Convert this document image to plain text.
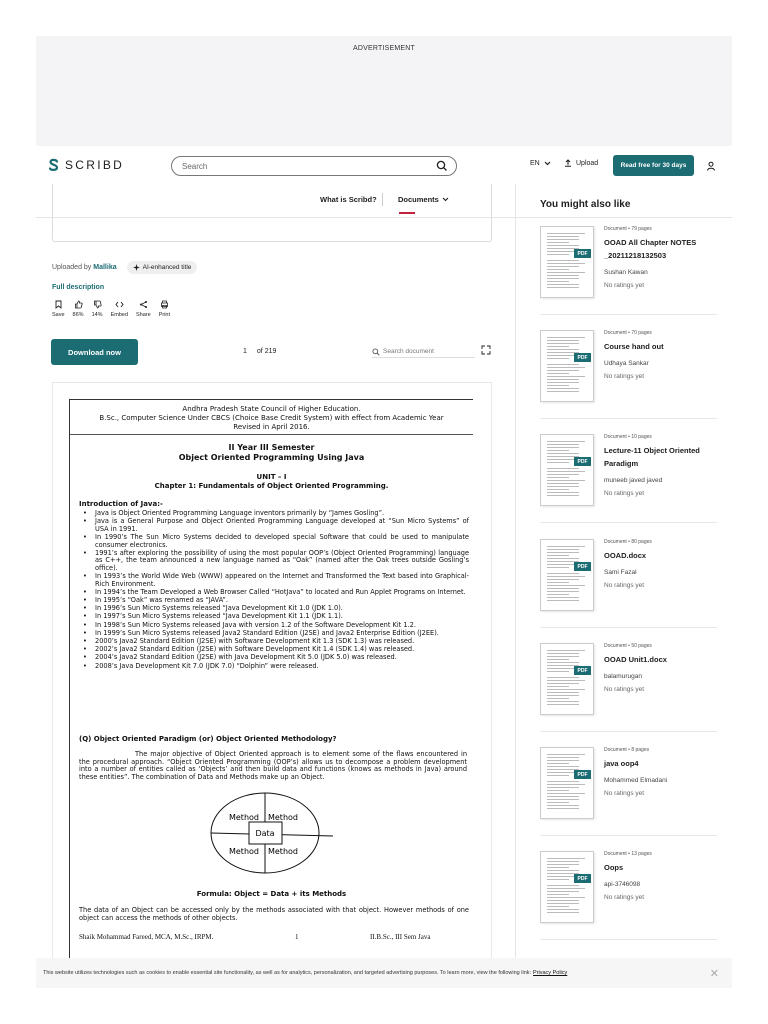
ADVERTISEMENT
SCRIBD	Search	EN	Upload	Read free for 30 days
What is Scribd?	Documents
Uploaded by Mallika	AI-enhanced title
Full description
Save 86% 14% Embed Share Print
Download now	1 of 219	Search document
Andhra Pradesh State Council of Higher Education.
B.Sc., Computer Science Under CBCS (Choice Base Credit System) with effect from Academic Year
Revised in April 2016.
II Year III Semester
Object Oriented Programming Using Java
UNIT – I
Chapter 1: Fundamentals of Object Oriented Programming.
Introduction of Java:-
• Java is Object Oriented Programming Language inventors primarily by “James Gosling”.
• Java is a General Purpose and Object Oriented Programming Language developed at “Sun Micro Systems” of USA in 1991.
• In 1990’s The Sun Micro Systems decided to developed special Software that could be used to manipulate consumer electronics.
• 1991’s after exploring the possibility of using the most popular OOP’s (Object Oriented Programming) language as C++, the team announced a new language named as “Oak” (named after the Oak trees outside Gosling’s office).
• In 1993’s the World Wide Web (WWW) appeared on the Internet and Transformed the Text based into Graphical-Rich Environment.
• In 1994’s the Team Developed a Web Browser Called “HotJava” to located and Run Applet Programs on Internet.
• In 1995’s “Oak” was renamed as “JAVA”.
• In 1996’s Sun Micro Systems released “Java Development Kit 1.0 (JDK 1.0).
• In 1997’s Sun Micro Systems released “Java Development Kit 1.1 (JDK 1.1).
• In 1998’s Sun Micro Systems released Java with version 1.2 of the Software Development Kit 1.2.
• In 1999’s Sun Micro Systems released Java2 Standard Edition (J2SE) and Java2 Enterprise Edition (J2EE).
• 2000’s Java2 Standard Edition (J2SE) with Software Development Kit 1.3 (SDK 1.3) was released.
• 2002’s Java2 Standard Edition (J2SE) with Software Development Kit 1.4 (SDK 1.4) was released.
• 2004’s Java2 Standard Edition (J2SE) with Java Development Kit 5.0 (JDK 5.0) was released.
• 2008’s Java Development Kit 7.0 (JDK 7.0) “Dolphin” were released.
(Q) Object Oriented Paradigm (or) Object Oriented Methodology?
The major objective of Object Oriented approach is to element some of the flaws encountered in the procedural approach. “Object Oriented Programming (OOP’s) allows us to decompose a problem development into a number of entities called as ‘Objects’ and then build data and functions (knows as methods in Java) around these entities”. The combination of Data and Methods make up an Object.
Method Method
Data
Method Method
Formula: Object = Data + its Methods
The data of an Object can be accessed only by the methods associated with that object. However methods of one object can access the methods of other objects.
Shaik Mohammad Fareed, MCA, M.Sc., IRPM.	1	II.B.Sc., III Sem Java
You might also like
PDF
Document • 79 pages
OOAD All Chapter NOTES _20211218132503
Sushan Kawan
No ratings yet
PDF
Document • 70 pages
Course hand out
Udhaya Sankar
No ratings yet
PDF
Document • 10 pages
Lecture-11 Object Oriented Paradigm
muneeb javed javed
No ratings yet
PDF
Document • 80 pages
OOAD.docx
Sami Fazal
No ratings yet
PDF
Document • 50 pages
OOAD Unit1.docx
balamurugan
No ratings yet
PDF
Document • 8 pages
java oop4
Mohammed Elmadani
No ratings yet
PDF
Document • 13 pages
Oops
api-3746098
No ratings yet
This website utilizes technologies such as cookies to enable essential site functionality, as well as for analytics, personalization, and targeted advertising purposes. To learn more, view the following link: Privacy Policy	✕
